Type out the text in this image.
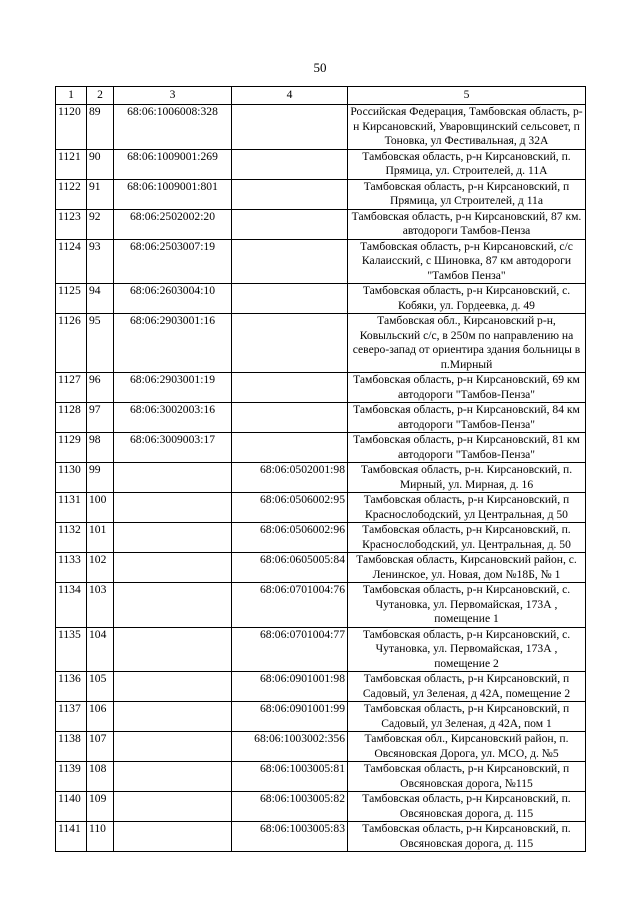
50
1	2	3	4	5
1120	89	68:06:1006008:328		Российская Федерация, Тамбовская область, р-н Кирсановский, Уваровщинский сельсовет, п Тоновка, ул Фестивальная, д 32А
1121	90	68:06:1009001:269		Тамбовская область, р-н Кирсановский, п. Прямица, ул. Строителей, д. 11А
1122	91	68:06:1009001:801		Тамбовская область, р-н Кирсановский, п Прямица, ул Строителей, д 11а
1123	92	68:06:2502002:20		Тамбовская область, р-н Кирсановский, 87 км. автодороги Тамбов-Пенза
1124	93	68:06:2503007:19		Тамбовская область, р-н Кирсановский, с/с Калаисский, с Шиновка, 87 км автодороги "Тамбов Пенза"
1125	94	68:06:2603004:10		Тамбовская область, р-н Кирсановский, с. Кобяки, ул. Гордеевка, д. 49
1126	95	68:06:2903001:16		Тамбовская обл., Кирсановский р-н, Ковыльский с/с, в 250м по направлению на северо-запад от ориентира здания больницы в п.Мирный
1127	96	68:06:2903001:19		Тамбовская область, р-н Кирсановский, 69 км автодороги "Тамбов-Пенза"
1128	97	68:06:3002003:16		Тамбовская область, р-н Кирсановский, 84 км автодороги "Тамбов-Пенза"
1129	98	68:06:3009003:17		Тамбовская область, р-н Кирсановский, 81 км автодороги "Тамбов-Пенза"
1130	99		68:06:0502001:98	Тамбовская область, р-н. Кирсановский, п. Мирный, ул. Мирная, д. 16
1131	100		68:06:0506002:95	Тамбовская область, р-н Кирсановский, п Краснослободский, ул Центральная, д 50
1132	101		68:06:0506002:96	Тамбовская область, р-н Кирсановский, п. Краснослободский, ул. Центральная, д. 50
1133	102		68:06:0605005:84	Тамбовская область, Кирсановский район, с. Ленинское, ул. Новая, дом №18Б, № 1
1134	103		68:06:0701004:76	Тамбовская область, р-н Кирсановский, с. Чутановка, ул. Первомайская, 173А , помещение 1
1135	104		68:06:0701004:77	Тамбовская область, р-н Кирсановский, с. Чутановка, ул. Первомайская, 173А , помещение 2
1136	105		68:06:0901001:98	Тамбовская область, р-н Кирсановский, п Садовый, ул Зеленая, д 42А, помещение 2
1137	106		68:06:0901001:99	Тамбовская область, р-н Кирсановский, п Садовый, ул Зеленая, д 42А, пом 1
1138	107		68:06:1003002:356	Тамбовская обл., Кирсановский район, п. Овсяновская Дорога, ул. МСО, д. №5
1139	108		68:06:1003005:81	Тамбовская область, р-н Кирсановский, п Овсяновская дорога, №115
1140	109		68:06:1003005:82	Тамбовская область, р-н Кирсановский, п. Овсяновская дорога, д. 115
1141	110		68:06:1003005:83	Тамбовская область, р-н Кирсановский, п. Овсяновская дорога, д. 115
